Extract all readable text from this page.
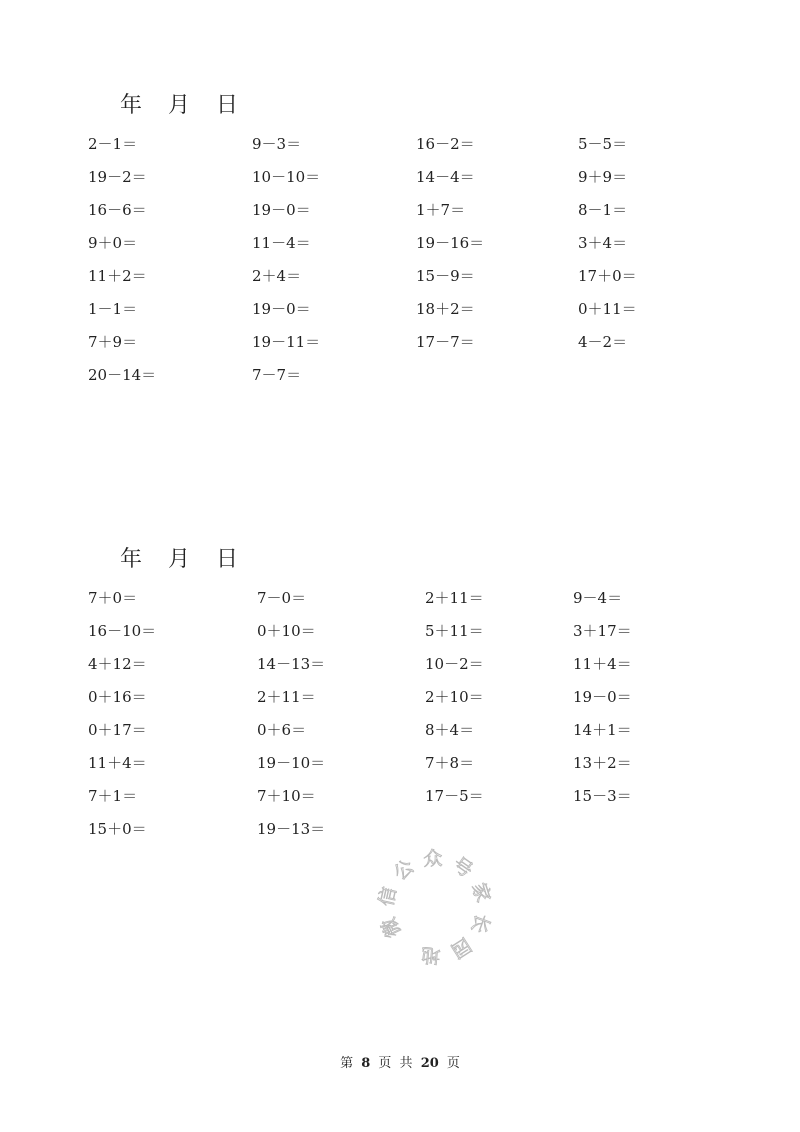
年 月 日
2－1＝	9－3＝	16－2＝	5－5＝
19－2＝	10－10＝	14－4＝	9＋9＝
16－6＝	19－0＝	1＋7＝	8－1＝
9＋0＝	11－4＝	19－16＝	3＋4＝
11＋2＝	2＋4＝	15－9＝	17＋0＝
1－1＝	19－0＝	18＋2＝	0＋11＝
7＋9＝	19－11＝	17－7＝	4－2＝
20－14＝	7－7＝
年 月 日
7＋0＝	7－0＝	2＋11＝	9－4＝
16－10＝	0＋10＝	5＋11＝	3＋17＝
4＋12＝	14－13＝	10－2＝	11＋4＝
0＋16＝	2＋11＝	2＋10＝	19－0＝
0＋17＝	0＋6＝	8＋4＝	14＋1＝
11＋4＝	19－10＝	7＋8＝	13＋2＝
7＋1＝	7＋10＝	17－5＝	15－3＝
15＋0＝	19－13＝
微
信
公 众 号
家
长
园
地
第 8 页 共 20 页
